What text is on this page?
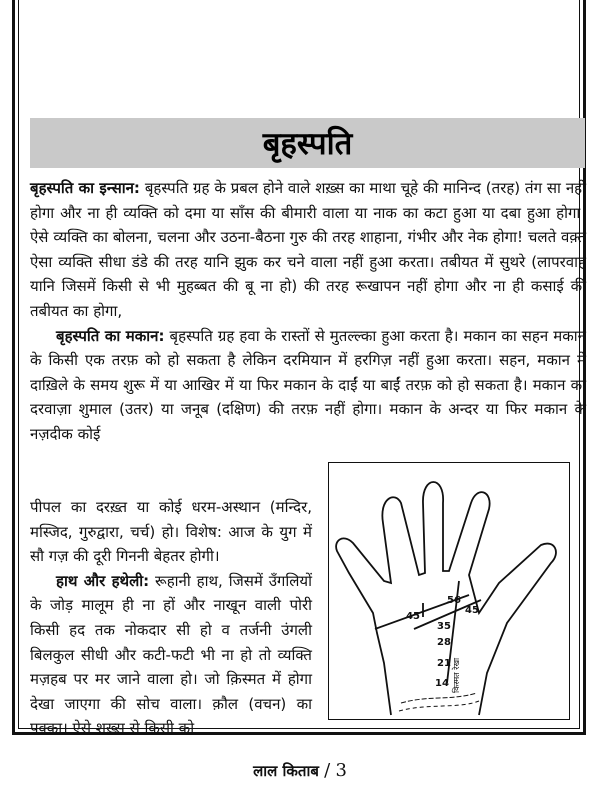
बृहस्पति

बृहस्पति का इन्सान: बृहस्पति ग्रह के प्रबल होने वाले शख़्स का माथा चूहे की मानिन्द (तरह) तंग सा नहीं होगा और ना ही व्यक्ति को दमा या साँस की बीमारी वाला या नाक का कटा हुआ या दबा हुआ होगा। ऐसे व्यक्ति का बोलना, चलना और उठना-बैठना गुरु की तरह शाहाना, गंभीर और नेक होगा! चलते वक़्त ऐसा व्यक्ति सीधा डंडे की तरह यानि झुक कर चने वाला नहीं हुआ करता। तबीयत में सुथरे (लापरवाह यानि जिसमें किसी से भी मुहब्बत की बू ना हो) की तरह रूखापन नहीं होगा और ना ही कसाई की तबीयत का होगा,

बृहस्पति का मकान: बृहस्पति ग्रह हवा के रास्तों से मुतल्ल्का हुआ करता है। मकान का सहन मकान के किसी एक तरफ़ को हो सकता है लेकिन दरमियान में हरगिज़ नहीं हुआ करता। सहन, मकान में दाख़िले के समय शुरू में या आखिर में या फिर मकान के दाईं या बाईं तरफ़ को हो सकता है। मकान का दरवाज़ा शुमाल (उतर) या जनूब (दक्षिण) की तरफ़ नहीं होगा। मकान के अन्दर या फिर मकान के नज़दीक कोई

पीपल का दरख़्त या कोई धरम-अस्थान (मन्दिर, मस्जिद, गुरुद्वारा, चर्च) हो। विशेष: आज के युग में सौ गज़ की दूरी गिननी बेहतर होगी।

हाथ और हथेली: रूहानी हाथ, जिसमें उँगलियों के जोड़ मालूम ही ना हों और नाखून वाली पोरी किसी हद तक नोकदार सी हो व तर्जनी उंगली बिलकुल सीधी और कटी-फटी भी ना हो तो व्यक्ति मज़हब पर मर जाने वाला हो। जो क़िस्मत में होगा देखा जाएगा की सोच वाला। क़ौल (वचन) का पक्का। ऐसे शख़्स से किसी को

56
45
45
35
28
21
14 किस्मत रेखा
लाल किताब / 3
